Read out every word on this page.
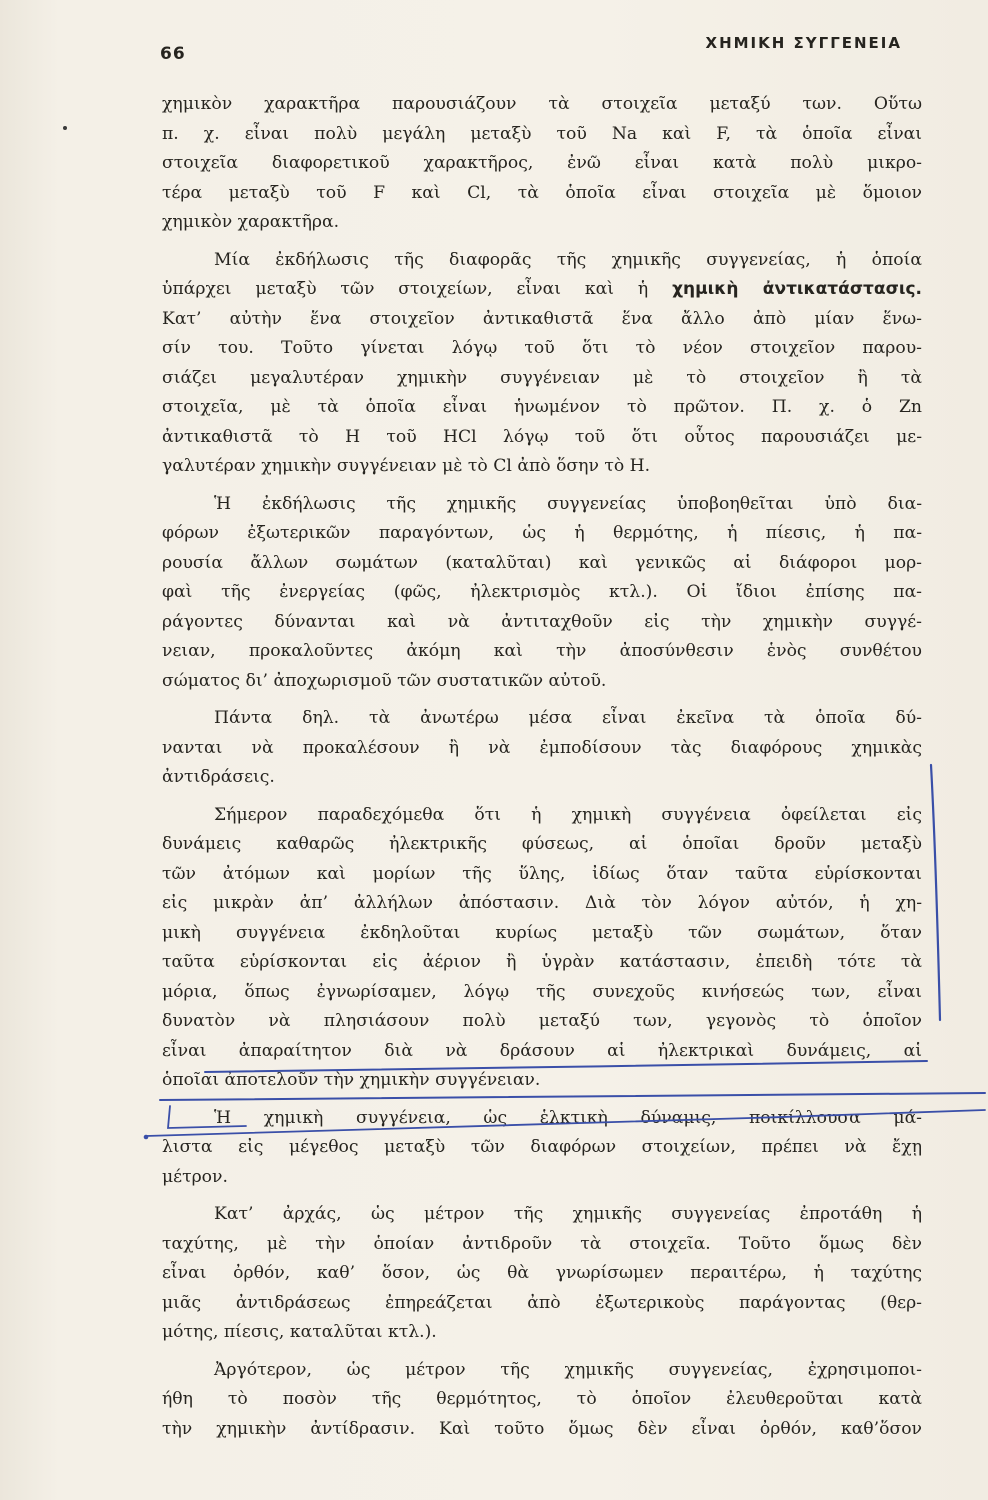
66
ΧΗΜΙΚΗ ΣΥΓΓΕΝΕΙΑ
χημικὸν χαρακτῆρα παρουσιάζουν τὰ στοιχεῖα μεταξύ των. Οὕτω
π. χ. εἶναι πολὺ μεγάλη μεταξὺ τοῦ Na καὶ F, τὰ ὁποῖα εἶναι
στοιχεῖα διαφορετικοῦ χαρακτῆρος, ἐνῶ εἶναι κατὰ πολὺ μικρο-
τέρα μεταξὺ τοῦ F καὶ Cl, τὰ ὁποῖα εἶναι στοιχεῖα μὲ ὅμοιον
χημικὸν χαρακτῆρα.
Μία ἐκδήλωσις τῆς διαφορᾶς τῆς χημικῆς συγγενείας, ἡ ὁποία
ὑπάρχει μεταξὺ τῶν στοιχείων, εἶναι καὶ ἡ χημικὴ ἀντικατάστασις.
Κατ’ αὐτὴν ἕνα στοιχεῖον ἀντικαθιστᾶ ἕνα ἄλλο ἀπὸ μίαν ἕνω-
σίν του. Τοῦτο γίνεται λόγῳ τοῦ ὅτι τὸ νέον στοιχεῖον παρου-
σιάζει μεγαλυτέραν χημικὴν συγγένειαν μὲ τὸ στοιχεῖον ἢ τὰ
στοιχεῖα, μὲ τὰ ὁποῖα εἶναι ἡνωμένον τὸ πρῶτον. Π. χ. ὁ Zn
ἀντικαθιστᾶ τὸ Η τοῦ HCl λόγῳ τοῦ ὅτι οὗτος παρουσιάζει με-
γαλυτέραν χημικὴν συγγένειαν μὲ τὸ Cl ἀπὸ ὅσην τὸ Η.
Ἡ ἐκδήλωσις τῆς χημικῆς συγγενείας ὑποβοηθεῖται ὑπὸ δια-
φόρων ἐξωτερικῶν παραγόντων, ὡς ἡ θερμότης, ἡ πίεσις, ἡ πα-
ρουσία ἄλλων σωμάτων (καταλῦται) καὶ γενικῶς αἱ διάφοροι μορ-
φαὶ τῆς ἐνεργείας (φῶς, ἠλεκτρισμὸς κτλ.). Οἱ ἴδιοι ἐπίσης πα-
ράγοντες δύνανται καὶ νὰ ἀντιταχθοῦν εἰς τὴν χημικὴν συγγέ-
νειαν, προκαλοῦντες ἀκόμη καὶ τὴν ἀποσύνθεσιν ἑνὸς συνθέτου
σώματος δι’ ἀποχωρισμοῦ τῶν συστατικῶν αὐτοῦ.
Πάντα δηλ. τὰ ἀνωτέρω μέσα εἶναι ἐκεῖνα τὰ ὁποῖα δύ-
νανται νὰ προκαλέσουν ἢ νὰ ἐμποδίσουν τὰς διαφόρους χημικὰς
ἀντιδράσεις.
Σήμερον παραδεχόμεθα ὅτι ἡ χημικὴ συγγένεια ὀφείλεται εἰς
δυνάμεις καθαρῶς ἠλεκτρικῆς φύσεως, αἱ ὁποῖαι δροῦν μεταξὺ
τῶν ἀτόμων καὶ μορίων τῆς ὕλης, ἰδίως ὅταν ταῦτα εὑρίσκονται
εἰς μικρὰν ἀπ’ ἀλλήλων ἀπόστασιν. Διὰ τὸν λόγον αὐτόν, ἡ χη-
μικὴ συγγένεια ἐκδηλοῦται κυρίως μεταξὺ τῶν σωμάτων, ὅταν
ταῦτα εὑρίσκονται εἰς ἀέριον ἢ ὑγρὰν κατάστασιν, ἐπειδὴ τότε τὰ
μόρια, ὅπως ἐγνωρίσαμεν, λόγῳ τῆς συνεχοῦς κινήσεώς των, εἶναι
δυνατὸν νὰ πλησιάσουν πολὺ μεταξύ των, γεγονὸς τὸ ὁποῖον
εἶναι ἀπαραίτητον διὰ νὰ δράσουν αἱ ἠλεκτρικαὶ δυνάμεις, αἱ
ὁποῖαι ἀποτελοῦν τὴν χημικὴν συγγένειαν.
Ἡ χημικὴ συγγένεια, ὡς ἑλκτικὴ δύναμις, ποικίλλουσα μά-
λιστα εἰς μέγεθος μεταξὺ τῶν διαφόρων στοιχείων, πρέπει νὰ ἔχῃ
μέτρον.
Κατ’ ἀρχάς, ὡς μέτρον τῆς χημικῆς συγγενείας ἐπροτάθη ἡ
ταχύτης, μὲ τὴν ὁποίαν ἀντιδροῦν τὰ στοιχεῖα. Τοῦτο ὅμως δὲν
εἶναι ὀρθόν, καθ’ ὅσον, ὡς θὰ γνωρίσωμεν περαιτέρω, ἡ ταχύτης
μιᾶς ἀντιδράσεως ἐπηρεάζεται ἀπὸ ἐξωτερικοὺς παράγοντας (θερ-
μότης, πίεσις, καταλῦται κτλ.).
Ἀργότερον, ὡς μέτρον τῆς χημικῆς συγγενείας, ἐχρησιμοποι-
ήθη τὸ ποσὸν τῆς θερμότητος, τὸ ὁποῖον ἐλευθεροῦται κατὰ
τὴν χημικὴν ἀντίδρασιν. Καὶ τοῦτο ὅμως δὲν εἶναι ὀρθόν, καθ’ὅσον
